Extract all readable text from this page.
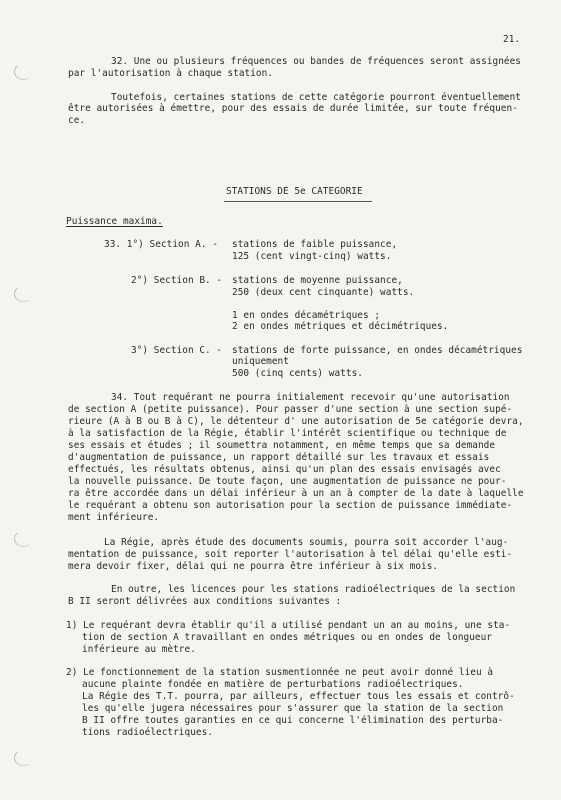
21.
32. Une ou plusieurs fréquences ou bandes de fréquences seront assignées
par l'autorisation à chaque station.
Toutefois, certaines stations de cette catégorie pourront éventuellement
être autorisées à émettre, pour des essais de durée limitée, sur toute fréquen-
ce.
STATIONS DE 5e CATEGORIE
Puissance maxima.
33. 1°) Section A. - stations de faible puissance,
125 (cent vingt-cinq) watts.
2°) Section B. - stations de moyenne puissance,
250 (deux cent cinquante) watts.
1 en ondes décamétriques ;
2 en ondes métriques et décimétriques.
3°) Section C. - stations de forte puissance, en ondes décamétriques
uniquement
500 (cinq cents) watts.
34. Tout requérant ne pourra initialement recevoir qu'une autorisation
de section A (petite puissance). Pour passer d'une section à une section supé-
rieure (A à B ou B à C), le détenteur d' une autorisation de 5e catégorie devra,
à la satisfaction de la Régie, établir l'intérêt scientifique ou technique de
ses essais et études ; il soumettra notamment, en même temps que sa demande
d'augmentation de puissance, un rapport détaillé sur les travaux et essais
effectués, les résultats obtenus, ainsi qu'un plan des essais envisagés avec
la nouvelle puissance. De toute façon, une augmentation de puissance ne pour-
ra être accordée dans un délai inférieur à un an à compter de la date à laquelle
le requérant a obtenu son autorisation pour la section de puissance immédiate-
ment inférieure.
La Régie, après étude des documents soumis, pourra soit accorder l'aug-
mentation de puissance, soit reporter l'autorisation à tel délai qu'elle esti-
mera devoir fixer, délai qui ne pourra être inférieur à six mois.
En outre, les licences pour les stations radioélectriques de la section
B II seront délivrées aux conditions suivantes :
1) Le requérant devra établir qu'il a utilisé pendant un an au moins, une sta-
tion de section A travaillant en ondes métriques ou en ondes de longueur
inférieure au mètre.
2) Le fonctionnement de la station susmentionnée ne peut avoir donné lieu à
aucune plainte fondée en matière de perturbations radioélectriques.
La Régie des T.T. pourra, par ailleurs, effectuer tous les essais et contrô-
les qu'elle jugera nécessaires pour s'assurer que la station de la section
B II offre toutes garanties en ce qui concerne l'élimination des perturba-
tions radioélectriques.
